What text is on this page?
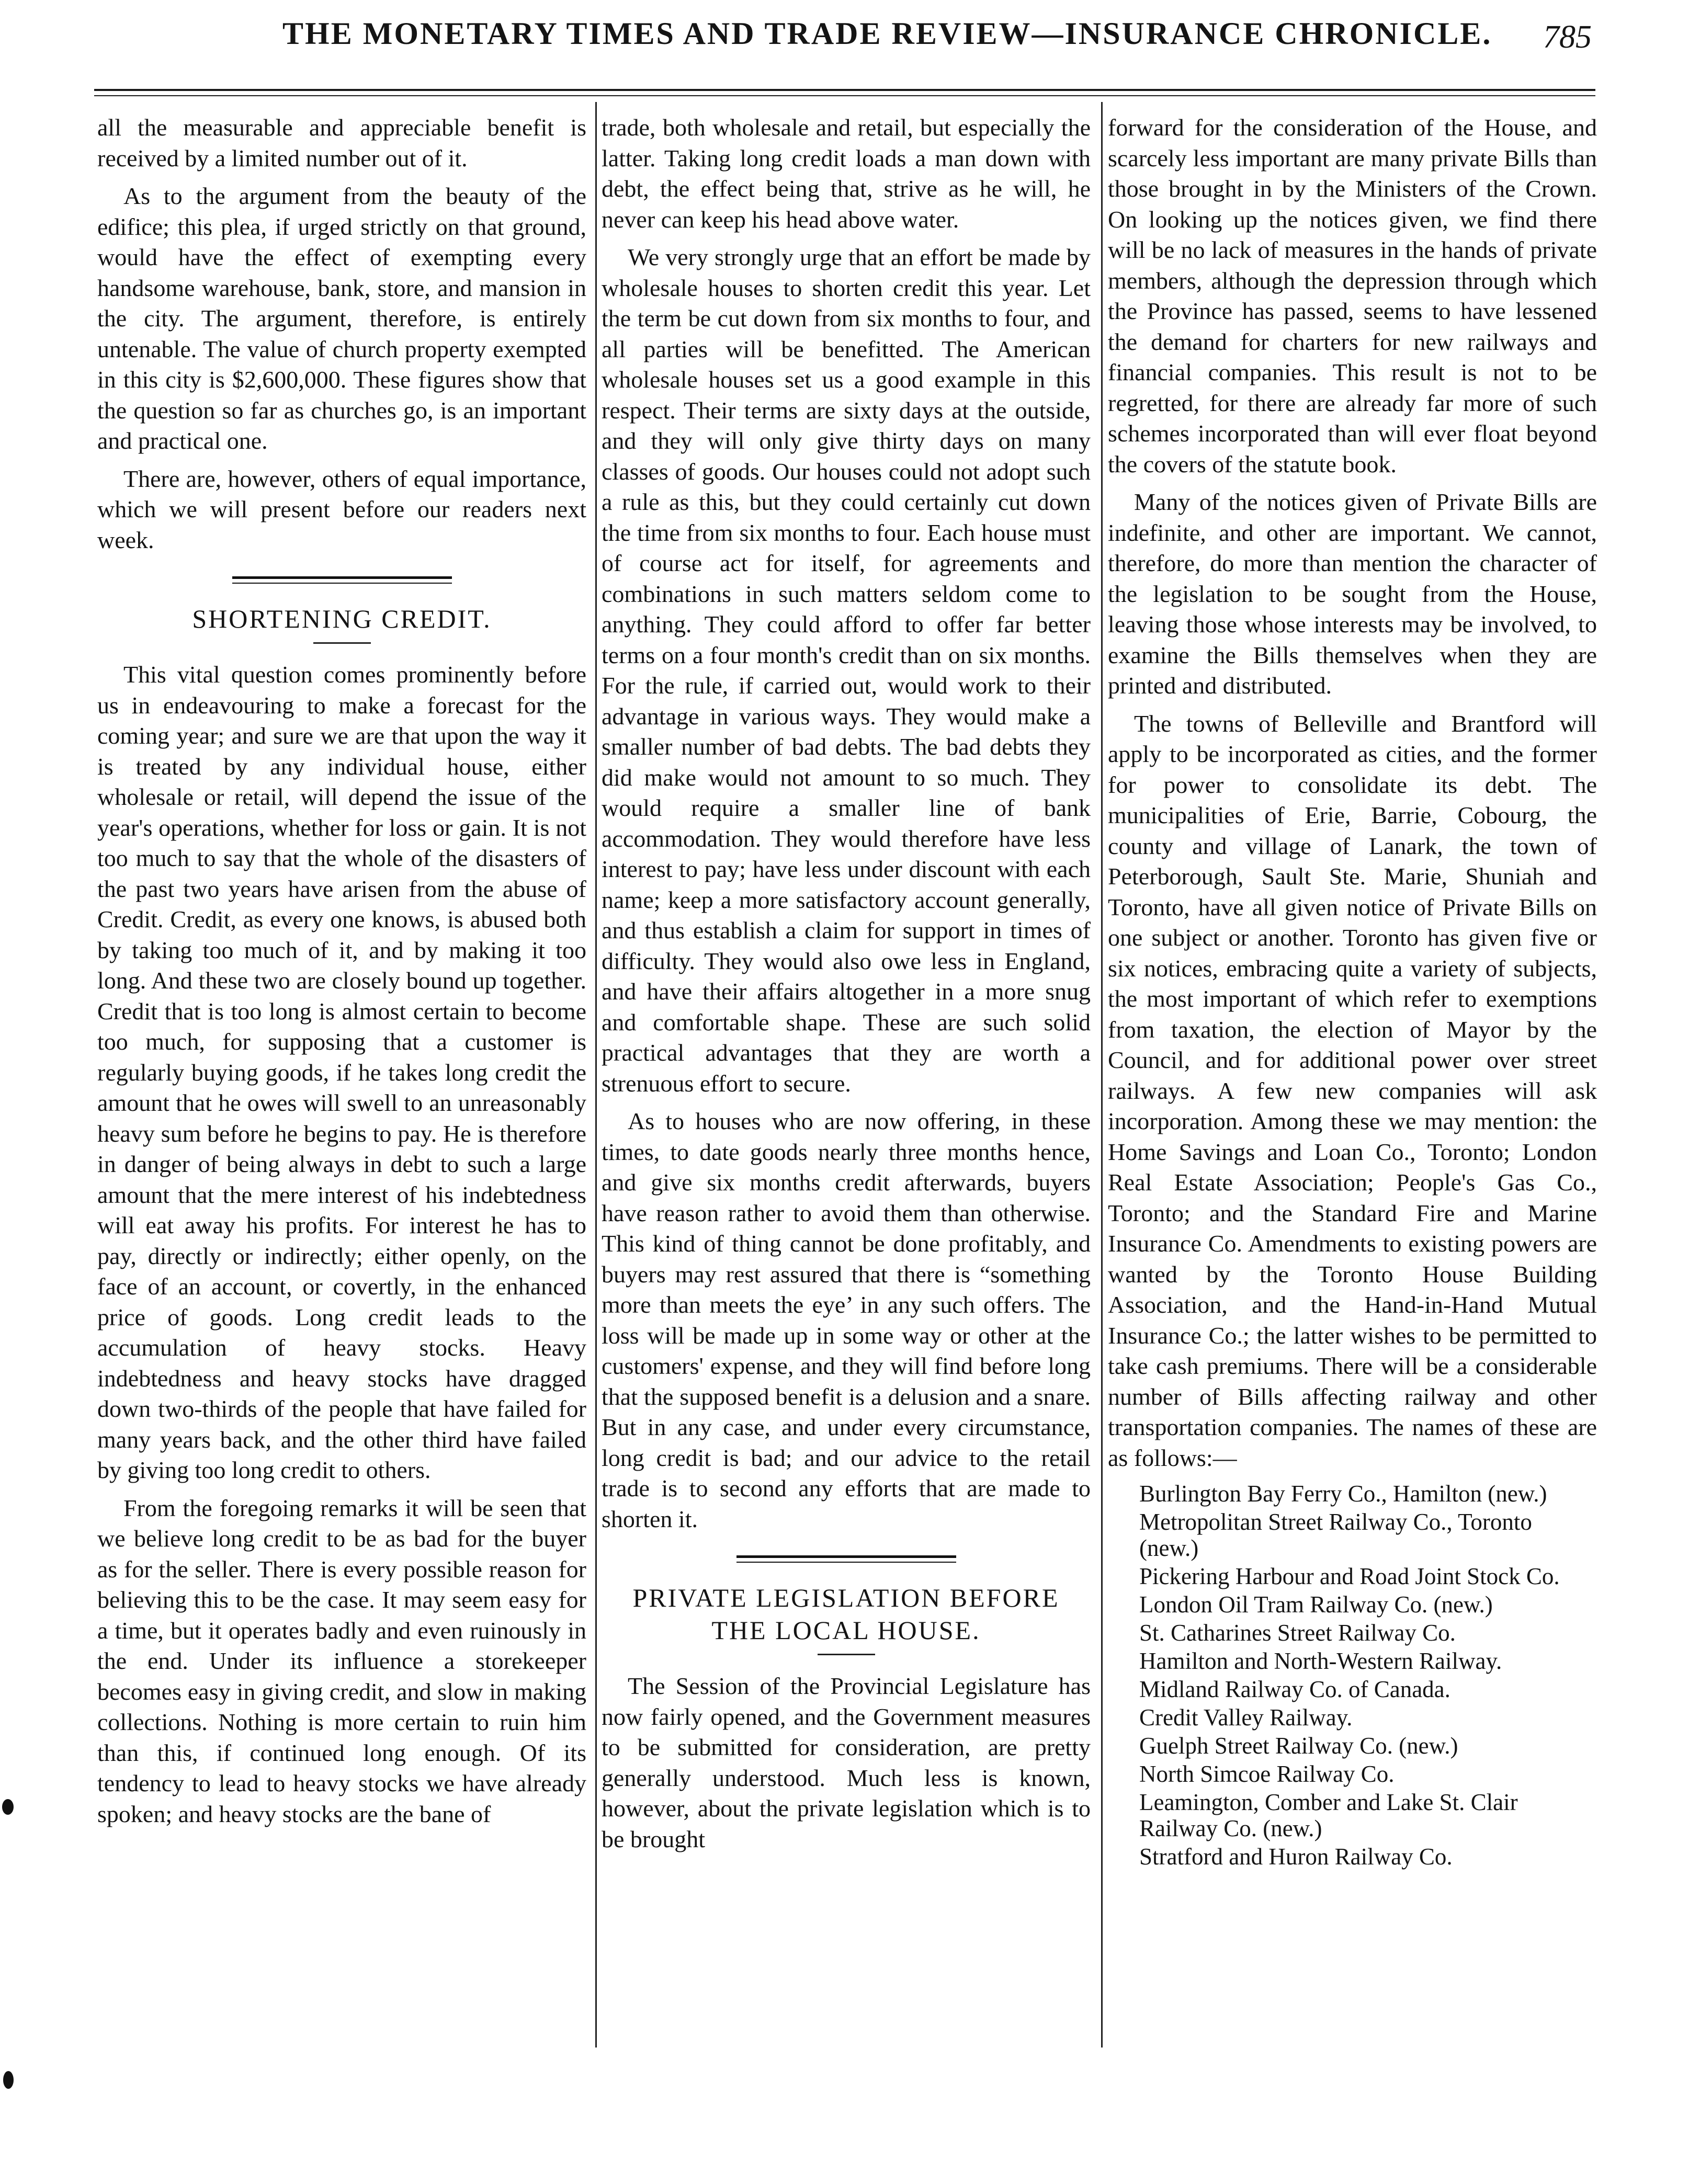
THE MONETARY TIMES AND TRADE REVIEW—INSURANCE CHRONICLE. 785

all the measurable and appreciable benefit is received by a limited number out of it.

As to the argument from the beauty of the edifice; this plea, if urged strictly on that ground, would have the effect of exempting every handsome warehouse, bank, store, and mansion in the city. The argument, therefore, is entirely untenable. The value of church property exempted in this city is $2,600,000. These figures show that the question so far as churches go, is an important and practical one.

There are, however, others of equal importance, which we will present before our readers next week.

SHORTENING CREDIT.

This vital question comes prominently before us in endeavouring to make a forecast for the coming year; and sure we are that upon the way it is treated by any individual house, either wholesale or retail, will depend the issue of the year's operations, whether for loss or gain. It is not too much to say that the whole of the disasters of the past two years have arisen from the abuse of Credit. Credit, as every one knows, is abused both by taking too much of it, and by making it too long. And these two are closely bound up together. Credit that is too long is almost certain to become too much, for supposing that a customer is regularly buying goods, if he takes long credit the amount that he owes will swell to an unreasonably heavy sum before he begins to pay. He is therefore in danger of being always in debt to such a large amount that the mere interest of his indebtedness will eat away his profits. For interest he has to pay, directly or indirectly; either openly, on the face of an account, or covertly, in the enhanced price of goods. Long credit leads to the accumulation of heavy stocks. Heavy indebtedness and heavy stocks have dragged down two-thirds of the people that have failed for many years back, and the other third have failed by giving too long credit to others.

From the foregoing remarks it will be seen that we believe long credit to be as bad for the buyer as for the seller. There is every possible reason for believing this to be the case. It may seem easy for a time, but it operates badly and even ruinously in the end. Under its influence a storekeeper becomes easy in giving credit, and slow in making collections. Nothing is more certain to ruin him than this, if continued long enough. Of its tendency to lead to heavy stocks we have already spoken; and heavy stocks are the bane of

trade, both wholesale and retail, but especially the latter. Taking long credit loads a man down with debt, the effect being that, strive as he will, he never can keep his head above water.

We very strongly urge that an effort be made by wholesale houses to shorten credit this year. Let the term be cut down from six months to four, and all parties will be benefitted. The American wholesale houses set us a good example in this respect. Their terms are sixty days at the outside, and they will only give thirty days on many classes of goods. Our houses could not adopt such a rule as this, but they could certainly cut down the time from six months to four. Each house must of course act for itself, for agreements and combinations in such matters seldom come to anything. They could afford to offer far better terms on a four month's credit than on six months. For the rule, if carried out, would work to their advantage in various ways. They would make a smaller number of bad debts. The bad debts they did make would not amount to so much. They would require a smaller line of bank accommodation. They would therefore have less interest to pay; have less under discount with each name; keep a more satisfactory account generally, and thus establish a claim for support in times of difficulty. They would also owe less in England, and have their affairs altogether in a more snug and comfortable shape. These are such solid practical advantages that they are worth a strenuous effort to secure.

As to houses who are now offering, in these times, to date goods nearly three months hence, and give six months credit afterwards, buyers have reason rather to avoid them than otherwise. This kind of thing cannot be done profitably, and buyers may rest assured that there is “something more than meets the eye’ in any such offers. The loss will be made up in some way or other at the customers' expense, and they will find before long that the supposed benefit is a delusion and a snare. But in any case, and under every circumstance, long credit is bad; and our advice to the retail trade is to second any efforts that are made to shorten it.

PRIVATE LEGISLATION BEFORE THE LOCAL HOUSE.

The Session of the Provincial Legislature has now fairly opened, and the Government measures to be submitted for consideration, are pretty generally understood. Much less is known, however, about the private legislation which is to be brought

forward for the consideration of the House, and scarcely less important are many private Bills than those brought in by the Ministers of the Crown. On looking up the notices given, we find there will be no lack of measures in the hands of private members, although the depression through which the Province has passed, seems to have lessened the demand for charters for new railways and financial companies. This result is not to be regretted, for there are already far more of such schemes incorporated than will ever float beyond the covers of the statute book.

Many of the notices given of Private Bills are indefinite, and other are important. We cannot, therefore, do more than mention the character of the legislation to be sought from the House, leaving those whose interests may be involved, to examine the Bills themselves when they are printed and distributed.

The towns of Belleville and Brantford will apply to be incorporated as cities, and the former for power to consolidate its debt. The municipalities of Erie, Barrie, Cobourg, the county and village of Lanark, the town of Peterborough, Sault Ste. Marie, Shuniah and Toronto, have all given notice of Private Bills on one subject or another. Toronto has given five or six notices, embracing quite a variety of subjects, the most important of which refer to exemptions from taxation, the election of Mayor by the Council, and for additional power over street railways. A few new companies will ask incorporation. Among these we may mention: the Home Savings and Loan Co., Toronto; London Real Estate Association; People's Gas Co., Toronto; and the Standard Fire and Marine Insurance Co. Amendments to existing powers are wanted by the Toronto House Building Association, and the Hand-in-Hand Mutual Insurance Co.; the latter wishes to be permitted to take cash premiums. There will be a considerable number of Bills affecting railway and other transportation companies. The names of these are as follows:—

Burlington Bay Ferry Co., Hamilton (new.)
Metropolitan Street Railway Co., Toronto (new.)
Pickering Harbour and Road Joint Stock Co.
London Oil Tram Railway Co. (new.)
St. Catharines Street Railway Co.
Hamilton and North-Western Railway.
Midland Railway Co. of Canada.
Credit Valley Railway.
Guelph Street Railway Co. (new.)
North Simcoe Railway Co.
Leamington, Comber and Lake St. Clair Railway Co. (new.)
Stratford and Huron Railway Co.
